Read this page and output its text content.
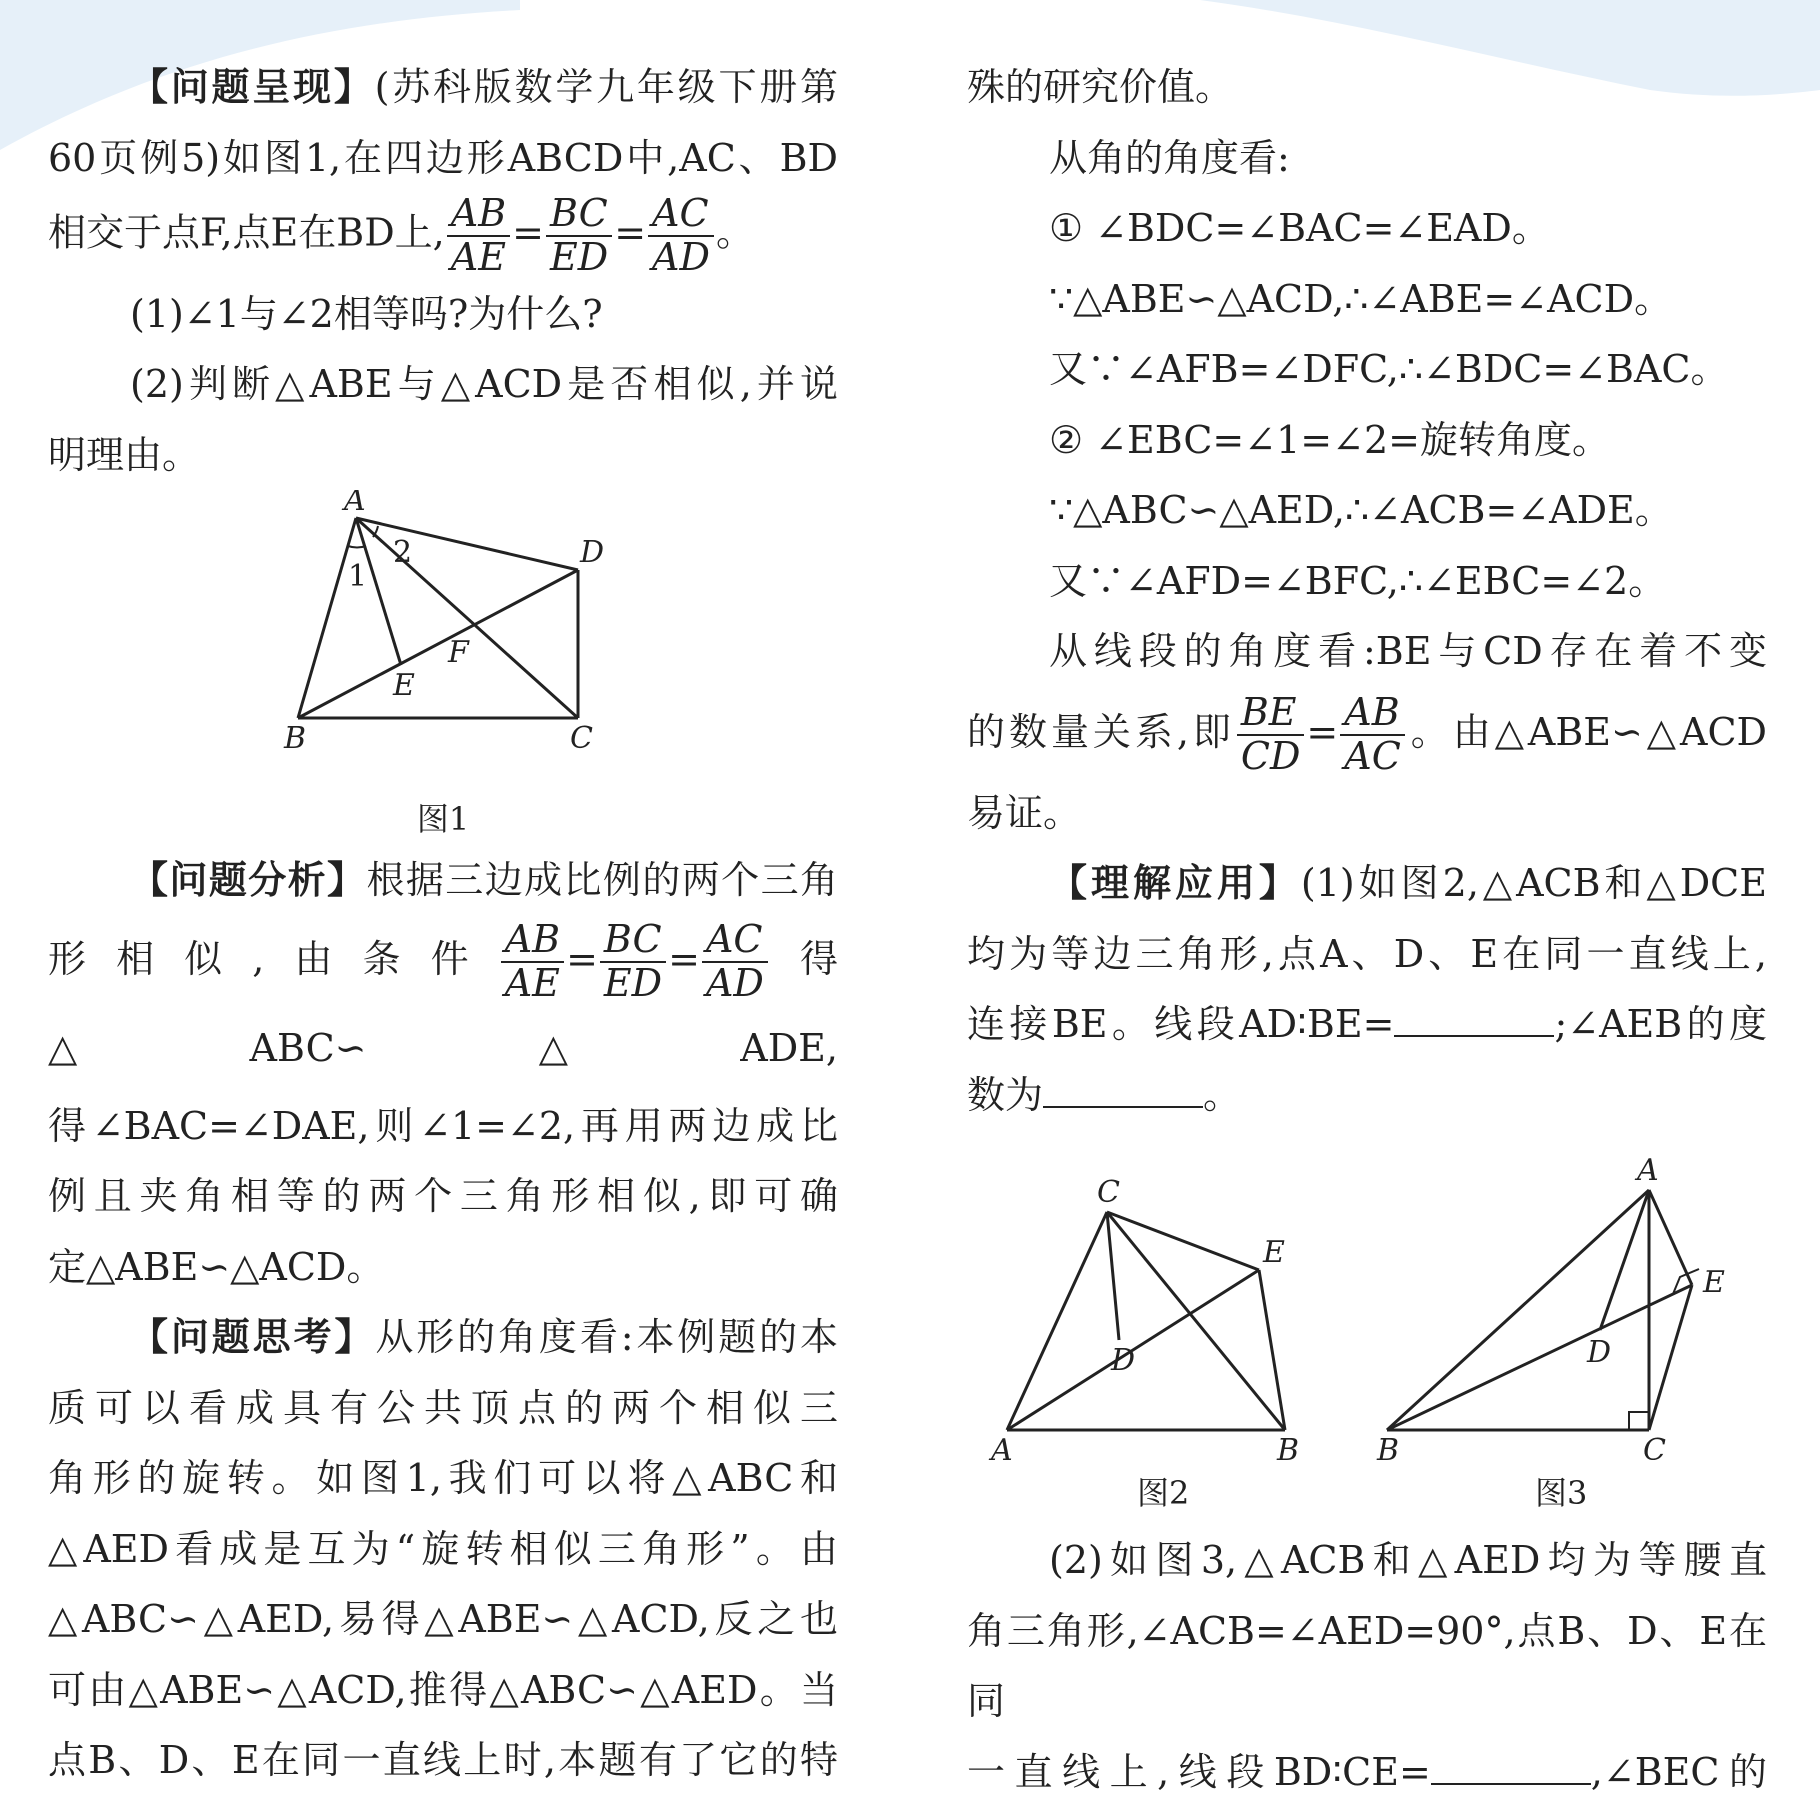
【问题呈现】(苏科版数学九年级下册第

60页例5)如图1,在四边形ABCD中,AC、BD

相交于点F,点E在BD上, $\frac{AB}{AE} = \frac{BC}{ED} = \frac{AC}{AD}$ 。

(1)∠1与∠2相等吗?为什么?

(2)判断△ABE与△ACD是否相似,并说

明理由。

A
B	C
D
E
F
1
2
图1

【问题分析】根据三边成比例的两个三角

形相似,由条件 $\frac{AB}{AE} = \frac{BC}{ED} = \frac{AC}{AD}$ 得△ABC∽△ADE,

得∠BAC=∠DAE,则∠1=∠2,再用两边成比

例且夹角相等的两个三角形相似,即可确

定△ABE∽△ACD。

【问题思考】从形的角度看:本例题的本

质可以看成具有公共顶点的两个相似三

角形的旋转。如图1,我们可以将△ABC和

△AED看成是互为“旋转相似三角形”。由

△ABC∽△AED,易得△ABE∽△ACD,反之也

可由△ABE∽△ACD,推得△ABC∽△AED。当

点B、D、E在同一直线上时,本题有了它的特

殊的研究价值。

从角的角度看:

① ∠BDC=∠BAC=∠EAD。

∵△ABE∽△ACD,∴∠ABE=∠ACD。

又∵∠AFB=∠DFC,∴∠BDC=∠BAC。

② ∠EBC=∠1=∠2=旋转角度。

∵△ABC∽△AED,∴∠ACB=∠ADE。

又∵∠AFD=∠BFC,∴∠EBC=∠2。

从线段的角度看:BE与CD存在着不变

的数量关系,即 $\frac{BE}{CD} = \frac{AB}{AC}$ 。由△ABE∽△ACD

易证。

【理解应用】(1)如图2,△ACB和△DCE

均为等边三角形,点A、D、E在同一直线上,

连接BE。线段AD∶BE=	;∠AEB的度

数为	。

C
E
A	B
D
A
E
B	C
D
图2	图3

(2)如图3,△ACB和△AED均为等腰直

角三角形,∠ACB=∠AED=90°,点B、D、E在同

一直线上,线段BD∶CE=	,∠BEC的
